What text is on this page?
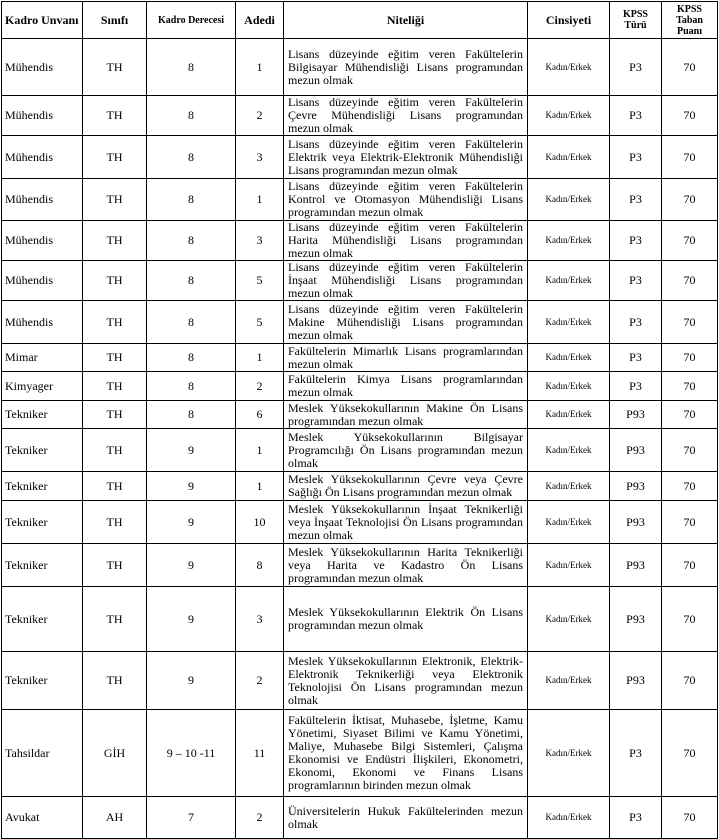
Kadro Unvanı	Sınıfı	Kadro Derecesi	Adedi	Niteliği	Cinsiyeti	KPSS Türü	KPSS Taban Puanı
Mühendis	TH	8	1	Lisans düzeyinde eğitim veren Fakültelerin Bilgisayar Mühendisliği Lisans programından mezun olmak	Kadın/Erkek	P3	70
Mühendis	TH	8	2	Lisans düzeyinde eğitim veren Fakültelerin Çevre Mühendisliği Lisans programından mezun olmak	Kadın/Erkek	P3	70
Mühendis	TH	8	3	Lisans düzeyinde eğitim veren Fakültelerin Elektrik veya Elektrik-Elektronik Mühendisliği Lisans programından mezun olmak	Kadın/Erkek	P3	70
Mühendis	TH	8	1	Lisans düzeyinde eğitim veren Fakültelerin Kontrol ve Otomasyon Mühendisliği Lisans programından mezun olmak	Kadın/Erkek	P3	70
Mühendis	TH	8	3	Lisans düzeyinde eğitim veren Fakültelerin Harita Mühendisliği Lisans programından mezun olmak	Kadın/Erkek	P3	70
Mühendis	TH	8	5	Lisans düzeyinde eğitim veren Fakültelerin İnşaat Mühendisliği Lisans programından mezun olmak	Kadın/Erkek	P3	70
Mühendis	TH	8	5	Lisans düzeyinde eğitim veren Fakültelerin Makine Mühendisliği Lisans programından mezun olmak	Kadın/Erkek	P3	70
Mimar	TH	8	1	Fakültelerin Mimarlık Lisans programlarından mezun olmak	Kadın/Erkek	P3	70
Kimyager	TH	8	2	Fakültelerin Kimya Lisans programlarından mezun olmak	Kadın/Erkek	P3	70
Tekniker	TH	8	6	Meslek Yüksekokullarının Makine Ön Lisans programından mezun olmak	Kadın/Erkek	P93	70
Tekniker	TH	9	1	Meslek Yüksekokullarının Bilgisayar Programcılığı Ön Lisans programından mezun olmak	Kadın/Erkek	P93	70
Tekniker	TH	9	1	Meslek Yüksekokullarının Çevre veya Çevre Sağlığı Ön Lisans programından mezun olmak	Kadın/Erkek	P93	70
Tekniker	TH	9	10	Meslek Yüksekokullarının İnşaat Teknikerliği veya İnşaat Teknolojisi Ön Lisans programından mezun olmak	Kadın/Erkek	P93	70
Tekniker	TH	9	8	Meslek Yüksekokullarının Harita Teknikerliği veya Harita ve Kadastro Ön Lisans programından mezun olmak	Kadın/Erkek	P93	70
Tekniker	TH	9	3	Meslek Yüksekokullarının Elektrik Ön Lisans programından mezun olmak	Kadın/Erkek	P93	70
Tekniker	TH	9	2	Meslek Yüksekokullarının Elektronik, Elektrik-Elektronik Teknikerliği veya Elektronik Teknolojisi Ön Lisans programından mezun olmak	Kadın/Erkek	P93	70
Tahsildar	GİH	9 – 10 -11	11	Fakültelerin İktisat, Muhasebe, İşletme, Kamu Yönetimi, Siyaset Bilimi ve Kamu Yönetimi, Maliye, Muhasebe Bilgi Sistemleri, Çalışma Ekonomisi ve Endüstri İlişkileri, Ekonometri, Ekonomi, Ekonomi ve Finans Lisans programlarının birinden mezun olmak	Kadın/Erkek	P3	70
Avukat	AH	7	2	Üniversitelerin Hukuk Fakültelerinden mezun olmak	Kadın/Erkek	P3	70
